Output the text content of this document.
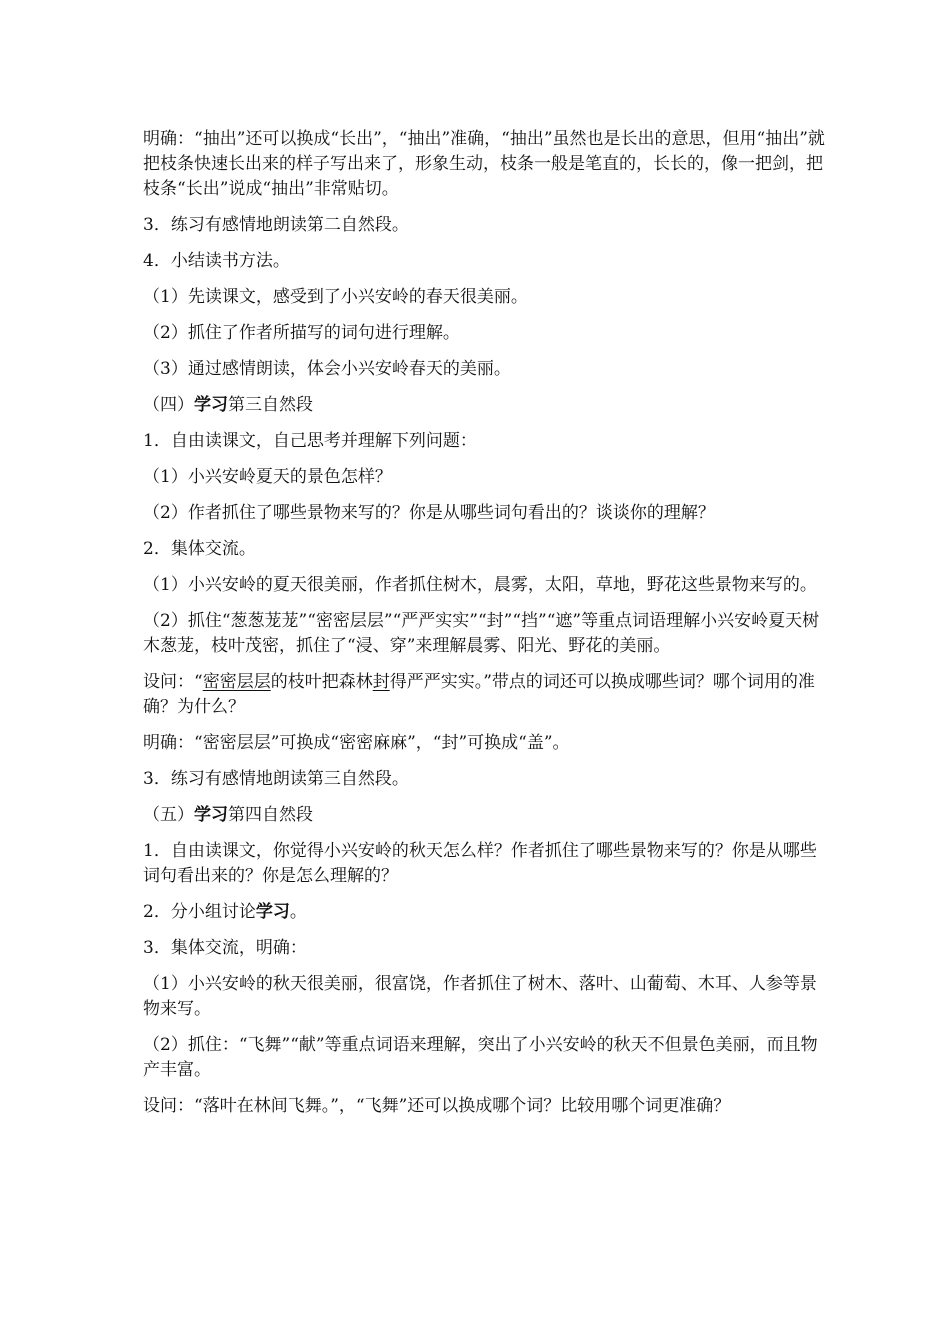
明确：“抽出”还可以换成“长出”，“抽出”准确，“抽出”虽然也是长出的意思，但用“抽出”就把枝条快速长出来的样子写出来了，形象生动，枝条一般是笔直的，长长的，像一把剑，把枝条“长出”说成“抽出”非常贴切。

3．练习有感情地朗读第二自然段。

4．小结读书方法。

（1）先读课文，感受到了小兴安岭的春天很美丽。

（2）抓住了作者所描写的词句进行理解。

（3）通过感情朗读，体会小兴安岭春天的美丽。

（四）学习第三自然段

1．自由读课文，自己思考并理解下列问题：

（1）小兴安岭夏天的景色怎样？

（2）作者抓住了哪些景物来写的？你是从哪些词句看出的？谈谈你的理解？

2．集体交流。

（1）小兴安岭的夏天很美丽，作者抓住树木，晨雾，太阳，草地，野花这些景物来写的。

（2）抓住“葱葱茏茏”“密密层层”“严严实实”“封”“挡”“遮”等重点词语理解小兴安岭夏天树木葱茏，枝叶茂密，抓住了“浸、穿”来理解晨雾、阳光、野花的美丽。

设问：“密密层层的枝叶把森林封得严严实实。”带点的词还可以换成哪些词？哪个词用的准确？为什么？

明确：“密密层层”可换成“密密麻麻”，“封”可换成“盖”。

3．练习有感情地朗读第三自然段。

（五）学习第四自然段

1．自由读课文，你觉得小兴安岭的秋天怎么样？作者抓住了哪些景物来写的？你是从哪些词句看出来的？你是怎么理解的？

2．分小组讨论学习。

3．集体交流，明确：

（1）小兴安岭的秋天很美丽，很富饶，作者抓住了树木、落叶、山葡萄、木耳、人参等景物来写。

（2）抓住：“飞舞”“献”等重点词语来理解，突出了小兴安岭的秋天不但景色美丽，而且物产丰富。

设问：“落叶在林间飞舞。”，“飞舞”还可以换成哪个词？比较用哪个词更准确？
